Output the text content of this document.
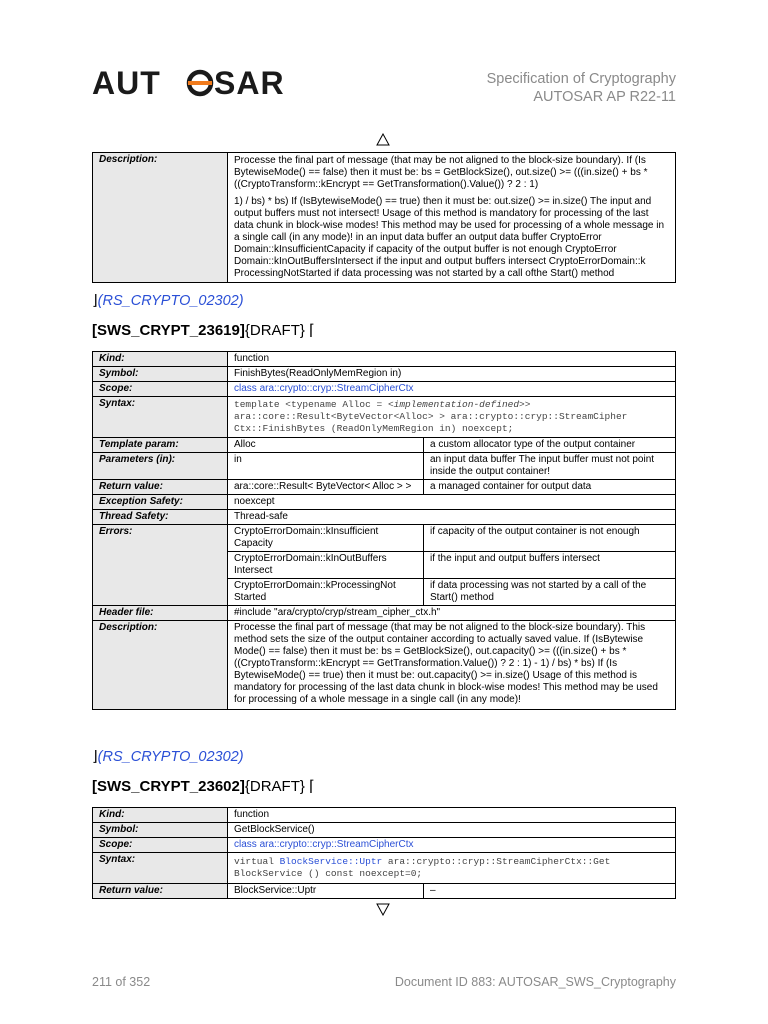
AUT SAR	Specification of Cryptography
AUTOSAR AP R22-11
Description:	Processe the final part of message (that may be not aligned to the block-size boundary). If (Is BytewiseMode() == false) then it must be: bs = GetBlockSize(), out.size() >= (((in.size() + bs * ((CryptoTransform::kEncrypt == GetTransformation().Value()) ? 2 : 1)

1) / bs) * bs) If (IsBytewiseMode() == true) then it must be: out.size() >= in.size() The input and output buffers must not intersect! Usage of this method is mandatory for processing of the last data chunk in block-wise modes! This method may be used for processing of a whole message in a single call (in any mode)! in an input data buffer an output data buffer CryptoError Domain::kInsufficientCapacity if capacity of the output buffer is not enough CryptoError Domain::kInOutBuffersIntersect if the input and output buffers intersect CryptoErrorDomain::k ProcessingNotStarted if data processing was not started by a call ofthe Start() method

⌋(RS_CRYPTO_02302)
[SWS_CRYPT_23619]{DRAFT} ⌈
Kind:	function	
Symbol:	FinishBytes(ReadOnlyMemRegion in)	
Scope:	class ara::crypto::cryp::StreamCipherCtx	
Syntax:	template <typename Alloc = <implementation-defined>>
ara::core::Result<ByteVector<Alloc> > ara::crypto::cryp::StreamCipher
Ctx::FinishBytes (ReadOnlyMemRegion in) noexcept;	
Template param:	Alloc	a custom allocator type of the output container
Parameters (in):	in	an input data buffer The input buffer must not point inside the output container!
Return value:	ara::core::Result< ByteVector< Alloc > >	a managed container for output data
Exception Safety:	noexcept	
Thread Safety:	Thread-safe	
Errors:	CryptoErrorDomain::kInsufficient Capacity	if capacity of the output container is not enough
	CryptoErrorDomain::kInOutBuffers Intersect	if the input and output buffers intersect
	CryptoErrorDomain::kProcessingNot Started	if data processing was not started by a call of the Start() method
Header file:	#include "ara/crypto/cryp/stream_cipher_ctx.h"	
Description:	Processe the final part of message (that may be not aligned to the block-size boundary). This method sets the size of the output container according to actually saved value. If (IsBytewise Mode() == false) then it must be: bs = GetBlockSize(), out.capacity() >= (((in.size() + bs * ((CryptoTransform::kEncrypt == GetTransformation.Value()) ? 2 : 1) - 1) / bs) * bs) If (Is BytewiseMode() == true) then it must be: out.capacity() >= in.size() Usage of this method is mandatory for processing of the last data chunk in block-wise modes! This method may be used for processing of a whole message in a single call (in any mode)!	
⌋(RS_CRYPTO_02302)
[SWS_CRYPT_23602]{DRAFT} ⌈
Kind:	function	
Symbol:	GetBlockService()	
Scope:	class ara::crypto::cryp::StreamCipherCtx	
Syntax:	virtual BlockService::Uptr ara::crypto::cryp::StreamCipherCtx::Get
BlockService () const noexcept=0;	
Return value:	BlockService::Uptr	–
211 of 352	Document ID 883: AUTOSAR_SWS_Cryptography
